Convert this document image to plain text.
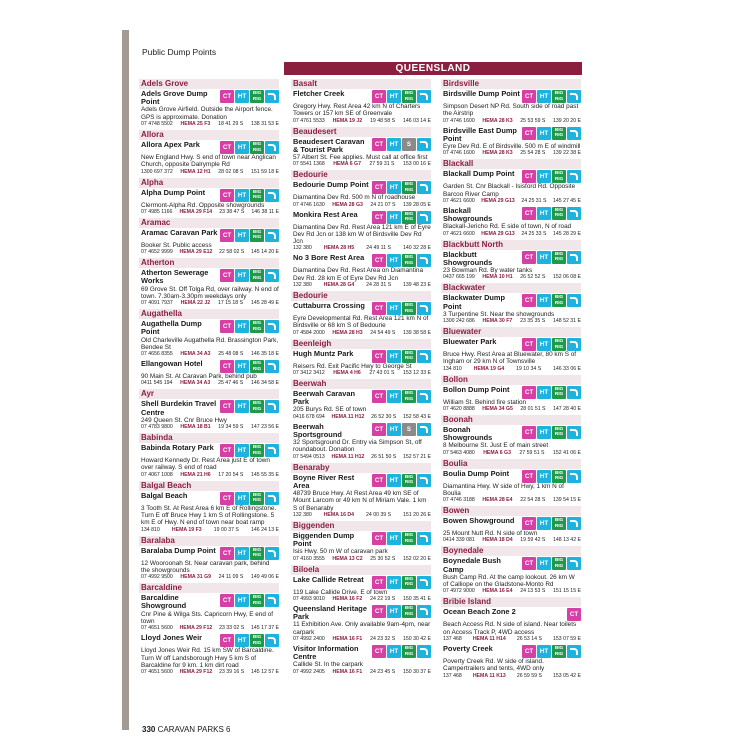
Public Dump Points
QUEENSLAND
Adels Grove
Adels Grove Dump Point
CT	HT	BIG RIG
Adels Grove Airfield. Outside the Airport fence. GPS is approximate. Donation
07 4748 5502 HEMA 25 F3 18 41 29 S 138 31 53 E
Allora
Allora Apex Park	CT	HT	BIG RIG
New England Hwy. S end of town near Anglican Church, opposite Dalrymple Rd
1300 697 372 HEMA 12 H1 28 02 08 S 151 59 18 E
Alpha
Alpha Dump Point	CT	HT	BIG RIG
Clermont-Alpha Rd. Opposite showgrounds
07 4985 1166 HEMA 29 F14 23 38 47 S 146 38 11 E
Aramac
Aramac Caravan Park CT	HT	BIG RIG
Booker St. Public access
07 4652 9999 HEMA 29 E12 22 58 02 S 145 14 20 E
Atherton
Atherton Sewerage Works
CT	HT	BIG RIG
69 Grove St. Off Tolga Rd, over railway. N end of town. 7.30am-3.30pm weekdays only
07 4091 7937 HEMA 22 J2 17 15 18 S 145 28 49 E
Augathella
Augathella Dump Point
CT	HT	BIG RIG
Old Charleville Augathella Rd. Brassington Park, Bendee St
07 4656 8355 HEMA 34 A3 25 48 08 S 146 35 18 E
Ellangowan Hotel	CT	HT	BIG RIG
90 Main St. At Caravan Park, behind pub
0411 545 194 HEMA 34 A3 25 47 46 S 146 34 58 E
Ayr
Shell Burdekin Travel Centre
CT	HT	BIG RIG
249 Queen St. Cnr Bruce Hwy
07 4783 9800 HEMA 18 B1 19 34 59 S 147 23 56 E
Babinda
Babinda Rotary Park	CT	HT	BIG RIG
Howard Kennedy Dr. Rest Area just E of town over railway. S end of road
07 4067 1008 HEMA 21 H6 17 20 54 S 145 55 35 E
Balgal Beach
Balgal Beach	CT	HT	BIG RIG
3 Tooth St. At Rest Area 6 km E of Rollingstone. Turn E off Bruce Hwy 1 km S of Rollingstone. 5 km E of Hwy. N end of town near boat ramp
134 810 HEMA 19 F3 19 00 37 S 146 24 13 E
Baralaba
Baralaba Dump Point	CT	HT	BIG RIG
12 Wooroonah St. Near caravan park, behind the showgrounds
07 4992 9500 HEMA 31 G9 24 11 09 S 149 49 06 E
Barcaldine
Barcaldine Showground
CT	HT	BIG RIG
Cnr Pine & Wilga Sts. Capricorn Hwy, E end of town
07 4651 5600 HEMA 29 F12 23 33 02 S 145 17 37 E
Lloyd Jones Weir	CT	HT	BIG RIG
Lloyd Jones Weir Rd. 15 km SW of Barcaldine. Turn W off Landsborough Hwy 5 km S of Barcaldine for 9 km. 1 km dirt road
07 4651 5600 HEMA 29 F12 23 39 16 S 145 12 57 E
Basalt
Fletcher Creek	CT	HT	BIG RIG
Gregory Hwy. Rest Area 42 km N of Charters Towers or 157 km SE of Greenvale
07 4761 5533 HEMA 19 J2 19 48 58 S 146 03 14 E
Beaudesert
Beaudesert Caravan & Tourist Park
CT	HT	S
57 Albert St. Fee applies. Must call at office first
07 5541 1368 HEMA 6 G7 27 59 31 S 153 00 16 E
Bedourie
Bedourie Dump Point	CT	HT	BIG RIG
Diamantina Dev Rd. 500 m N of roadhouse
07 4746 1630 HEMA 28 G3 24 21 07 S 139 28 05 E
Monkira Rest Area	CT	HT	BIG RIG
Diamantina Dev Rd. Rest Area 121 km E of Eyre Dev Rd Jcn or 138 km W of Birdsville Dev Rd Jcn
132 380 HEMA 28 H5 24 49 11 S 140 32 28 E
No 3 Bore Rest Area	CT	HT	BIG RIG
Diamantina Dev Rd. Rest Area on Diamantina Dev Rd. 28 km E of Eyre Dev Rd Jcn
132 380 HEMA 28 G4 24 28 31 S 139 48 23 E
Bedourie
Cuttaburra Crossing	CT	HT	BIG RIG
Eyre Developmental Rd. Rest Area 121 km N of Birdsville or 68 km S of Bedourie
07 4584 2000 HEMA 28 H3 24 54 49 S 139 38 58 E
Beenleigh
Hugh Muntz Park	CT	HT	BIG RIG
Reisers Rd. Exit Pacific Hwy to George St
07 3412 3412 HEMA 4 H6 27 43 01 S 153 12 33 E
Beerwah
Beerwah Caravan Park
CT	HT	BIG RIG
205 Burys Rd. SE of town
0416 678 694 HEMA 11 H12 26 52 30 S 152 58 43 E
Beerwah Sportsground
CT	HT	S
32 Sportsground Dr. Entry via Simpson St, off roundabout. Donation
07 5494 0513 HEMA 11 H12 26 51 50 S 152 57 21 E
Benaraby
Boyne River Rest Area
CT	HT	BIG RIG
48739 Bruce Hwy. At Rest Area 49 km SE of Mount Larcom or 49 km N of Miriam Vale. 1 km S of Benaraby
132 380 HEMA 16 D4 24 00 39 S 151 20 26 E
Biggenden
Biggenden Dump Point
CT	HT	BIG RIG
Isis Hwy. 50 m W of caravan park
07 4160 3555 HEMA 13 C2 25 30 52 S 152 02 20 E
Biloela
Lake Callide Retreat	CT	HT	BIG RIG
119 Lake Callide Drive. E of town
07 4993 9010 HEMA 16 F2 24 22 19 S 150 35 41 E
Queensland Heritage Park
CT	HT	BIG RIG
11 Exhibition Ave. Only available 9am-4pm, near carpark
07 4992 2400 HEMA 16 F1 24 23 32 S 150 30 42 E
Visitor Information Centre
CT	HT	BIG RIG
Callide St. In the carpark
07 4992 2405 HEMA 16 F1 24 23 45 S 150 30 37 E
Birdsville
Birdsville Dump Point CT	HT	BIG RIG
Simpson Desert NP Rd. South side of road past the Airstrip
07 4746 1600 HEMA 28 K3 25 53 59 S 139 20 20 E
Birdsville East Dump Point
CT	HT	BIG RIG
Eyre Dev Rd. E of Birdsville. 500 m E of windmill
07 4746 1600 HEMA 28 K3 25 54 28 S 139 22 38 E
Blackall
Blackall Dump Point	CT	HT	BIG RIG
Garden St. Cnr Blackall - Isisford Rd. Opposite Barcoo River Camp
07 4621 6600 HEMA 29 G13 24 25 31 S 145 27 45 E
Blackall Showgrounds
CT	HT	BIG RIG
Blackall-Jericho Rd. E side of town, N of road
07 4621 6600 HEMA 29 G13 24 25 33 S 145 28 29 E
Blackbutt North
Blackbutt Showgrounds
CT	HT	BIG RIG
23 Bowman Rd. By water tanks
0437 665 199 HEMA 10 H1 26 52 52 S 152 06 08 E
Blackwater
Blackwater Dump Point
CT	HT	BIG RIG
3 Turpentine St. Near the showgrounds
1300 242 686 HEMA 30 F7 23 35 35 S 148 52 31 E
Bluewater
Bluewater Park	CT	HT	BIG RIG
Bruce Hwy. Rest Area at Bluewater, 80 km S of Ingham or 29 km N of Townsville
134 810 HEMA 19 G4 19 10 34 S 146 33 06 E
Bollon
Bollon Dump Point	CT	HT	BIG RIG
William St. Behind fire station
07 4620 8888 HEMA 34 G5 28 01 51 S 147 28 40 E
Boonah
Boonah Showgrounds
CT	HT	BIG RIG
8 Melbourne St. Just E of main street
07 5463 4080 HEMA 6 G3 27 59 51 S 152 41 06 E
Boulia
Boulia Dump Point	CT	HT	BIG RIG
Diamantina Hwy. W side of Hwy, 1 km N of Boulia
07 4746 3188 HEMA 28 E4 22 54 28 S 139 54 15 E
Bowen
Bowen Showground	CT	HT	BIG RIG
25 Mount Nutt Rd. N side of town
0414 339 081 HEMA 18 D4 19 59 42 S 148 13 42 E
Boynedale
Boynedale Bush Camp
CT	HT	BIG RIG
Bush Camp Rd. At the camp lookout. 26 km W of Calliope on the Gladstone-Monto Rd
07 4972 9000 HEMA 16 E4 24 13 53 S 151 15 15 E
Bribie Island
Ocean Beach Zone 2	CT
Beach Access Rd. N side of island. Near toilets on Access Track P, 4WD access
137 468 HEMA 11 H14 26 53 14 S 153 07 59 E
Poverty Creek	CT	HT	BIG RIG
Poverty Creek Rd. W side of island. Campertrailers and tents, 4WD only
137 468 HEMA 11 K13 26 59 59 S 153 05 42 E
330 CARAVAN PARKS 6
